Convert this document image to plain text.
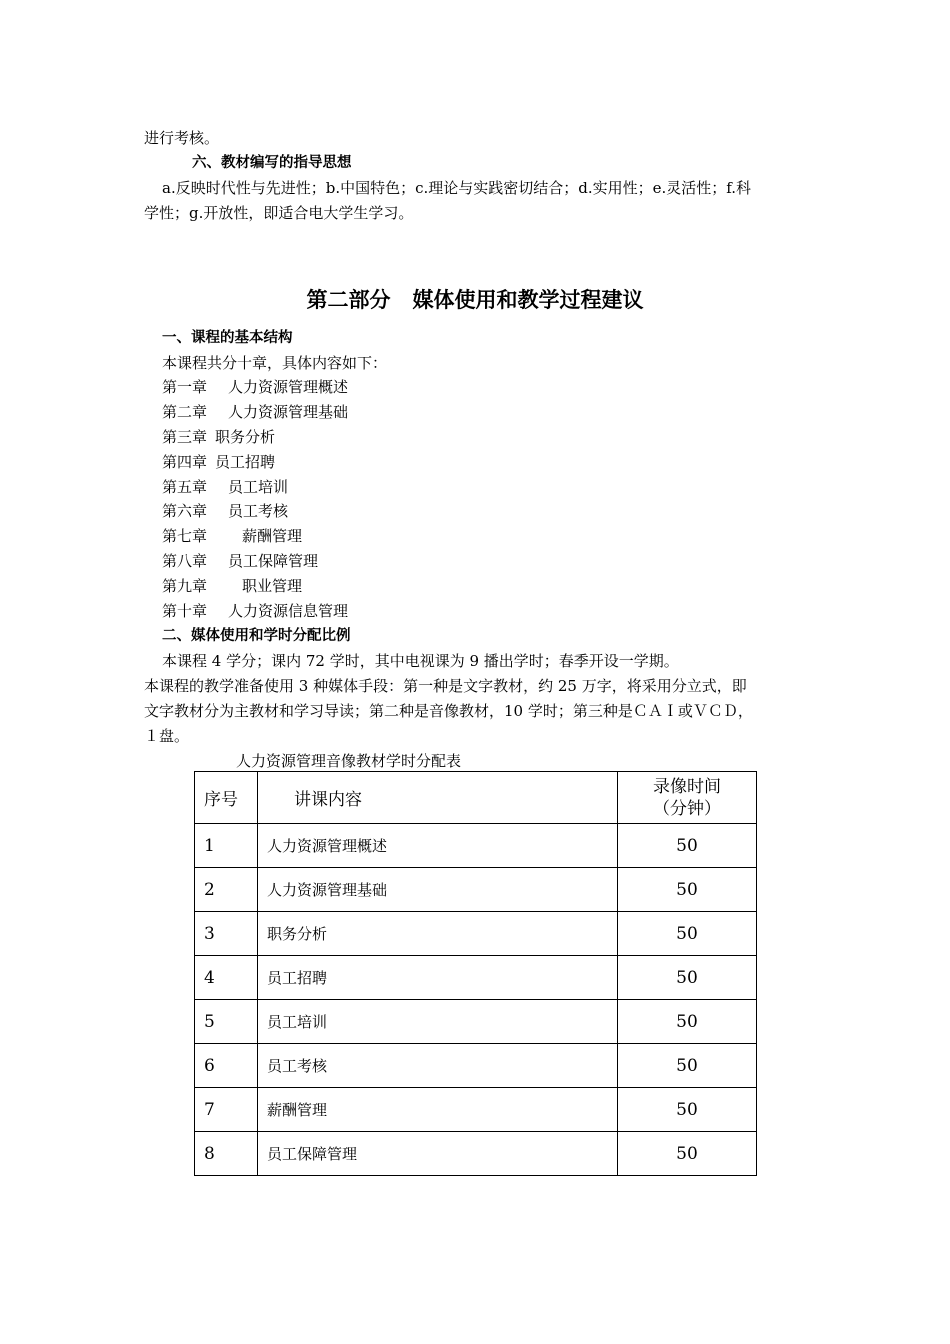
进行考核。
六、教材编写的指导思想
a.反映时代性与先进性；b.中国特色；c.理论与实践密切结合；d.实用性；e.灵活性；f.科
学性；g.开放性，即适合电大学生学习。
第二部分 媒体使用和教学过程建议
一、课程的基本结构
本课程共分十章，具体内容如下：
第一章 人力资源管理概述
第二章 人力资源管理基础
第三章 职务分析
第四章 员工招聘
第五章 员工培训
第六章 员工考核
第七章 薪酬管理
第八章 员工保障管理
第九章 职业管理
第十章 人力资源信息管理
二、媒体使用和学时分配比例
本课程 4 学分；课内 72 学时，其中电视课为 9 播出学时；春季开设一学期。
本课程的教学准备使用 3 种媒体手段：第一种是文字教材，约 25 万字，将采用分立式，即
文字教材分为主教材和学习导读；第二种是音像教材，10 学时；第三种是ＣＡＩ或ＶＣＤ，
１盘。
人力资源管理音像教材学时分配表
序号	讲课内容	录像时间
（分钟）

1	人力资源管理概述	50
2	人力资源管理基础	50
3	职务分析	50
4	员工招聘	50
5	员工培训	50
6	员工考核	50
7	薪酬管理	50
8	员工保障管理	50
